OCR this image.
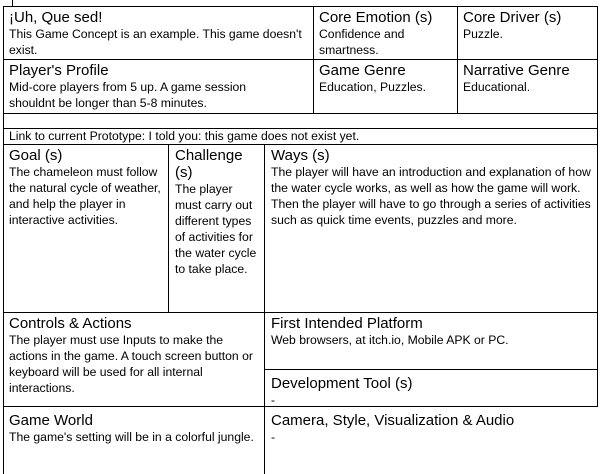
¡Uh, Que sed!
This Game Concept is an example. This game doesn't exist.
Core Emotion (s)
Confidence and smartness.
Core Driver (s)
Puzzle.
Player's Profile
Mid-core players from 5 up. A game session shouldnt be longer than 5-8 minutes.
Game Genre
Education, Puzzles.
Narrative Genre
Educational.
Link to current Prototype: I told you: this game does not exist yet.
Goal (s)
The chameleon must follow the natural cycle of weather, and help the player in interactive activities.
Challenge (s)
The player must carry out different types of activities for the water cycle to take place.
Ways (s)
The player will have an introduction and explanation of how the water cycle works, as well as how the game will work. Then the player will have to go through a series of activities such as quick time events, puzzles and more.
Controls & Actions
The player must use Inputs to make the actions in the game. A touch screen button or keyboard will be used for all internal interactions.
First Intended Platform
Web browsers, at itch.io, Mobile APK or PC.
Development Tool (s)
-
Game World
The game's setting will be in a colorful jungle.
Camera, Style, Visualization & Audio
-
